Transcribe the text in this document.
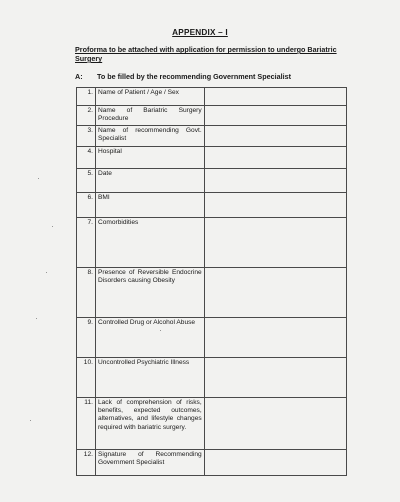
APPENDIX – I
Proforma to be attached with application for permission to undergo Bariatric Surgery
A: To be filled by the recommending Government Specialist
1.	Name of Patient / Age / Sex	
2.	Name of Bariatric Surgery Procedure	
3.	Name of recommending Govt. Specialist	
4.	Hospital	
5.	Date	
6.	BMI	
7.	Comorbidities	
8.	Presence of Reversible Endocrine Disorders causing Obesity	
9.	Controlled Drug or Alcohol Abuse	
10.	Uncontrolled Psychiatric Illness	
11.	Lack of comprehension of risks, benefits, expected outcomes, alternatives, and lifestyle changes required with bariatric surgery.	
12.	Signature of Recommending Government Specialist	
